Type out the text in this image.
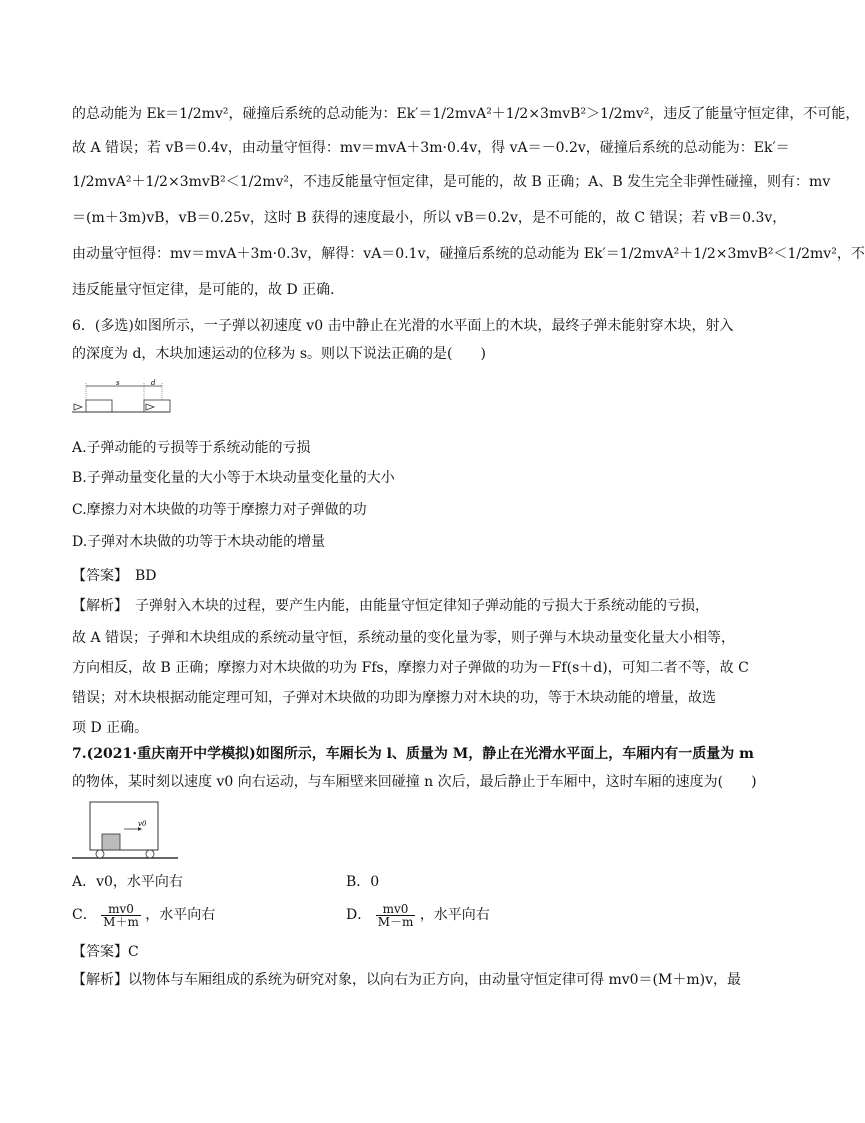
的总动能为 Ek＝1/2mv²，碰撞后系统的总动能为：Ek′＝1/2mvA²＋1/2×3mvB²＞1/2mv²，违反了能量守恒定律，不可能，
故 A 错误；若 vB＝0.4v，由动量守恒得：mv＝mvA＋3m·0.4v，得 vA＝－0.2v，碰撞后系统的总动能为：Ek′＝
1/2mvA²＋1/2×3mvB²＜1/2mv²，不违反能量守恒定律，是可能的，故 B 正确；A、B 发生完全非弹性碰撞，则有：mv
＝(m＋3m)vB，vB＝0.25v，这时 B 获得的速度最小，所以 vB＝0.2v，是不可能的，故 C 错误；若 vB＝0.3v，
由动量守恒得：mv＝mvA＋3m·0.3v，解得：vA＝0.1v，碰撞后系统的总动能为 Ek′＝1/2mvA²＋1/2×3mvB²＜1/2mv²，不
违反能量守恒定律，是可能的，故 D 正确．
6．(多选)如图所示，一子弹以初速度 v0 击中静止在光滑的水平面上的木块，最终子弹未能射穿木块，射入
的深度为 d，木块加速运动的位移为 s。则以下说法正确的是(　　)
s	d
A.子弹动能的亏损等于系统动能的亏损
B.子弹动量变化量的大小等于木块动量变化量的大小
C.摩擦力对木块做的功等于摩擦力对子弹做的功
D.子弹对木块做的功等于木块动能的增量
【答案】　BD
【解析】　子弹射入木块的过程，要产生内能，由能量守恒定律知子弹动能的亏损大于系统动能的亏损，
故 A 错误；子弹和木块组成的系统动量守恒，系统动量的变化量为零，则子弹与木块动量变化量大小相等，
方向相反，故 B 正确；摩擦力对木块做的功为 Ffs，摩擦力对子弹做的功为－Ff(s＋d)，可知二者不等，故 C
错误；对木块根据动能定理可知，子弹对木块做的功即为摩擦力对木块的功，等于木块动能的增量，故选
项 D 正确。
7.(2021·重庆南开中学模拟)如图所示，车厢长为 l、质量为 M，静止在光滑水平面上，车厢内有一质量为 m
的物体，某时刻以速度 v0 向右运动，与车厢壁来回碰撞 n 次后，最后静止于车厢中，这时车厢的速度为(　　)
v0
A．v0，水平向右	B．0
C． $\frac{mv0}{M+m}$ ，水平向右	D． $\frac{mv0}{M-m}$ ，水平向右
【答案】C
【解析】以物体与车厢组成的系统为研究对象，以向右为正方向，由动量守恒定律可得 mv0＝(M＋m)v，最
